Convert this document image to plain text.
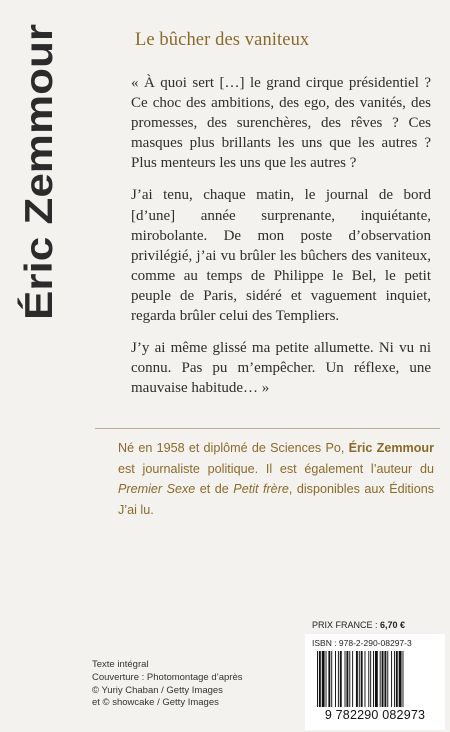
Éric Zemmour
Le bûcher des vaniteux

« À quoi sert […] le grand cirque présidentiel ? Ce choc des ambitions, des ego, des vanités, des promesses, des surenchères, des rêves ? Ces masques plus brillants les uns que les autres ? Plus menteurs les uns que les autres ?

J’ai tenu, chaque matin, le journal de bord [d’une] année surprenante, inquiétante, mirobolante. De mon poste d’observation privilégié, j’ai vu brûler les bûchers des vaniteux, comme au temps de Philippe le Bel, le petit peuple de Paris, sidéré et vaguement inquiet, regarda brûler celui des Templiers.

J’y ai même glissé ma petite allumette. Ni vu ni connu. Pas pu m’empêcher. Un réflexe, une mauvaise habitude… »

Né en 1958 et diplômé de Sciences Po, Éric Zemmour est journaliste politique. Il est également l’auteur du Premier Sexe et de Petit frère, disponibles aux Éditions J’ai lu.
PRIX FRANCE : 6,70 €
ISBN : 978-2-290-08297-3
9 782290 082973
Texte intégral
Couverture : Photomontage d’après
© Yuriy Chaban / Getty Images
et © showcake / Getty Images
